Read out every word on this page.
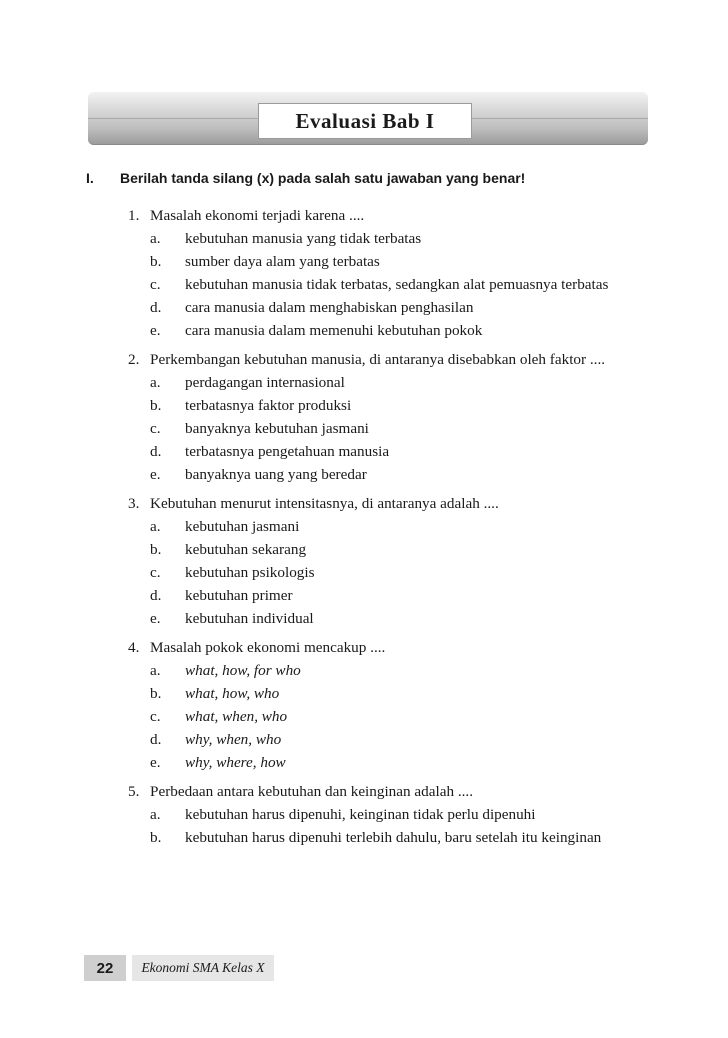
Evaluasi Bab I
I. Berilah tanda silang (x) pada salah satu jawaban yang benar!
1. Masalah ekonomi terjadi karena ....
a.	kebutuhan manusia yang tidak terbatas
b.	sumber daya alam yang terbatas
c.	kebutuhan manusia tidak terbatas, sedangkan alat pemuasnya terbatas
d.	cara manusia dalam menghabiskan penghasilan
e.	cara manusia dalam memenuhi kebutuhan pokok
2. Perkembangan kebutuhan manusia, di antaranya disebabkan oleh faktor ....
a.	perdagangan internasional
b.	terbatasnya faktor produksi
c.	banyaknya kebutuhan jasmani
d.	terbatasnya pengetahuan manusia
e.	banyaknya uang yang beredar
3. Kebutuhan menurut intensitasnya, di antaranya adalah ....
a.	kebutuhan jasmani
b.	kebutuhan sekarang
c.	kebutuhan psikologis
d.	kebutuhan primer
e.	kebutuhan individual
4. Masalah pokok ekonomi mencakup ....
a.	what, how, for who
b.	what, how, who
c.	what, when, who
d.	why, when, who
e.	why, where, how
5. Perbedaan antara kebutuhan dan keinginan adalah ....
a.	kebutuhan harus dipenuhi, keinginan tidak perlu dipenuhi
b.	kebutuhan harus dipenuhi terlebih dahulu, baru setelah itu keinginan
22	Ekonomi SMA Kelas X
